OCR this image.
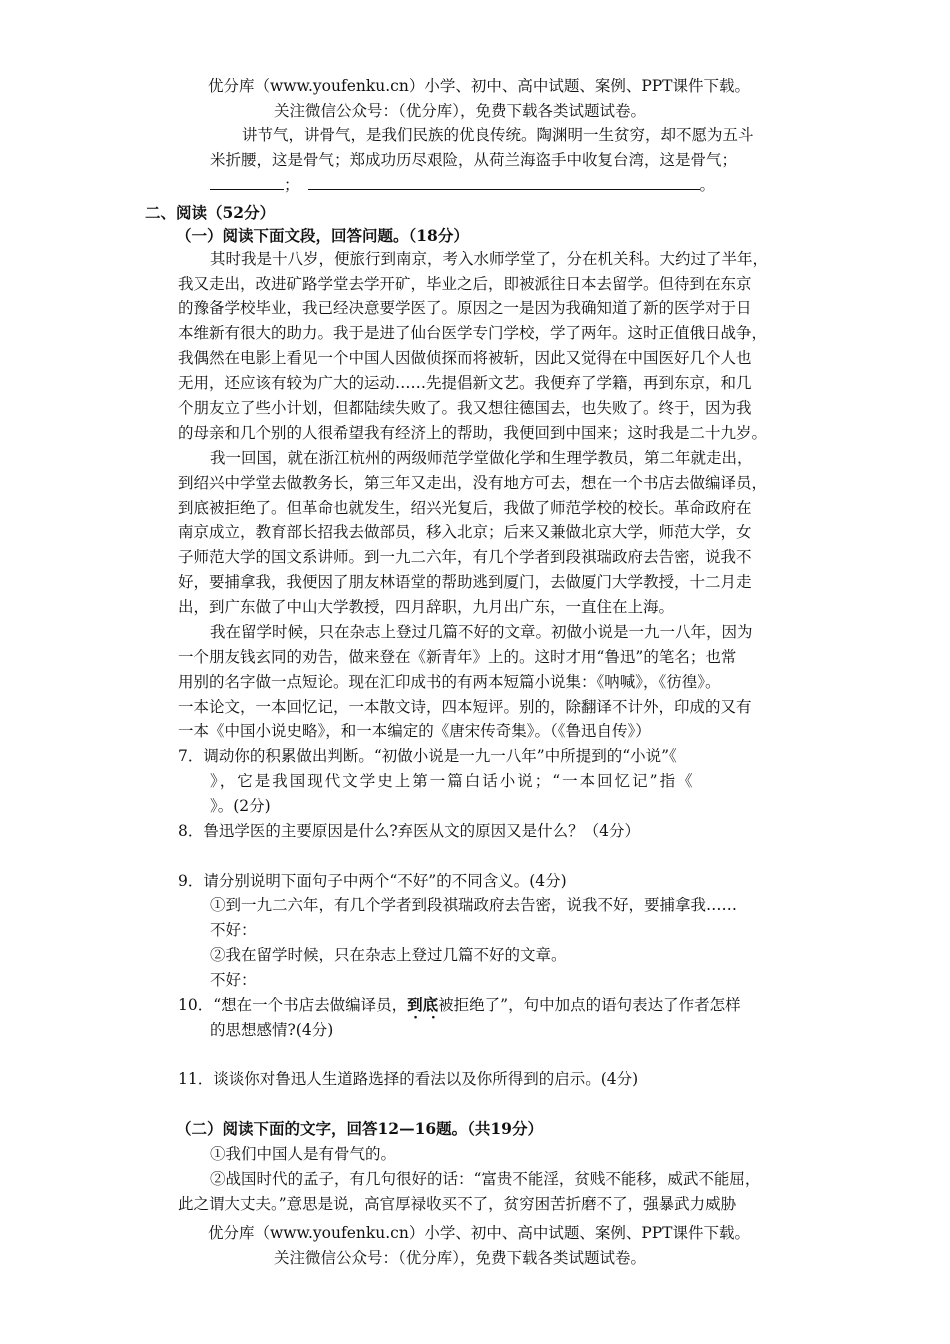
优分库（www.youfenku.cn）小学、初中、高中试题、案例、PPT课件下载。
关注微信公众号：（优分库），免费下载各类试题试卷。
讲节气，讲骨气，是我们民族的优良传统。陶渊明一生贫穷，却不愿为五斗
米折腰，这是骨气；郑成功历尽艰险，从荷兰海盗手中收复台湾，这是骨气；
；	。
二、阅读（52分）
（一）阅读下面文段，回答问题。（18分）
其时我是十八岁，便旅行到南京，考入水师学堂了，分在机关科。大约过了半年，
我又走出，改进矿路学堂去学开矿，毕业之后，即被派往日本去留学。但待到在东京
的豫备学校毕业，我已经决意要学医了。原因之一是因为我确知道了新的医学对于日
本维新有很大的助力。我于是进了仙台医学专门学校，学了两年。这时正值俄日战争，
我偶然在电影上看见一个中国人因做侦探而将被斩，因此又觉得在中国医好几个人也
无用，还应该有较为广大的运动……先提倡新文艺。我便弃了学籍，再到东京，和几
个朋友立了些小计划，但都陆续失败了。我又想往德国去，也失败了。终于，因为我
的母亲和几个别的人很希望我有经济上的帮助，我便回到中国来；这时我是二十九岁。
我一回国，就在浙江杭州的两级师范学堂做化学和生理学教员，第二年就走出，
到绍兴中学堂去做教务长，第三年又走出，没有地方可去，想在一个书店去做编译员，
到底被拒绝了。但革命也就发生，绍兴光复后，我做了师范学校的校长。革命政府在
南京成立，教育部长招我去做部员，移入北京；后来又兼做北京大学，师范大学，女
子师范大学的国文系讲师。到一九二六年，有几个学者到段祺瑞政府去告密，说我不
好，要捕拿我，我便因了朋友林语堂的帮助逃到厦门，去做厦门大学教授，十二月走
出，到广东做了中山大学教授，四月辞职，九月出广东，一直住在上海。
我在留学时候，只在杂志上登过几篇不好的文章。初做小说是一九一八年，因为
一个朋友钱玄同的劝告，做来登在《新青年》上的。这时才用“鲁迅”的笔名；也常
用别的名字做一点短论。现在汇印成书的有两本短篇小说集：《呐喊》，《彷徨》。
一本论文，一本回忆记，一本散文诗，四本短评。别的，除翻译不计外，印成的又有
一本《中国小说史略》，和一本编定的《唐宋传奇集》。（《鲁迅自传》）
7．调动你的积累做出判断。“初做小说是一九一八年”中所提到的“小说”《
》，它是我国现代文学史上第一篇白话小说；“一本回忆记”指《
》。(2分)
8．鲁迅学医的主要原因是什么?弃医从文的原因又是什么？（4分）
9．请分别说明下面句子中两个“不好”的不同含义。(4分)
①到一九二六年，有几个学者到段祺瑞政府去告密，说我不好，要捕拿我……
不好：
②我在留学时候，只在杂志上登过几篇不好的文章。
不好：
10．“想在一个书店去做编译员，到底 · ·被拒绝了”，句中加点的语句表达了作者怎样
的思想感情?(4分)
11．谈谈你对鲁迅人生道路选择的看法以及你所得到的启示。(4分)
（二）阅读下面的文字，回答12—16题。（共19分）
①我们中国人是有骨气的。
②战国时代的孟子，有几句很好的话：“富贵不能淫，贫贱不能移，威武不能屈，
此之谓大丈夫。”意思是说，高官厚禄收买不了，贫穷困苦折磨不了，强暴武力威胁
优分库（www.youfenku.cn）小学、初中、高中试题、案例、PPT课件下载。
关注微信公众号：（优分库），免费下载各类试题试卷。
